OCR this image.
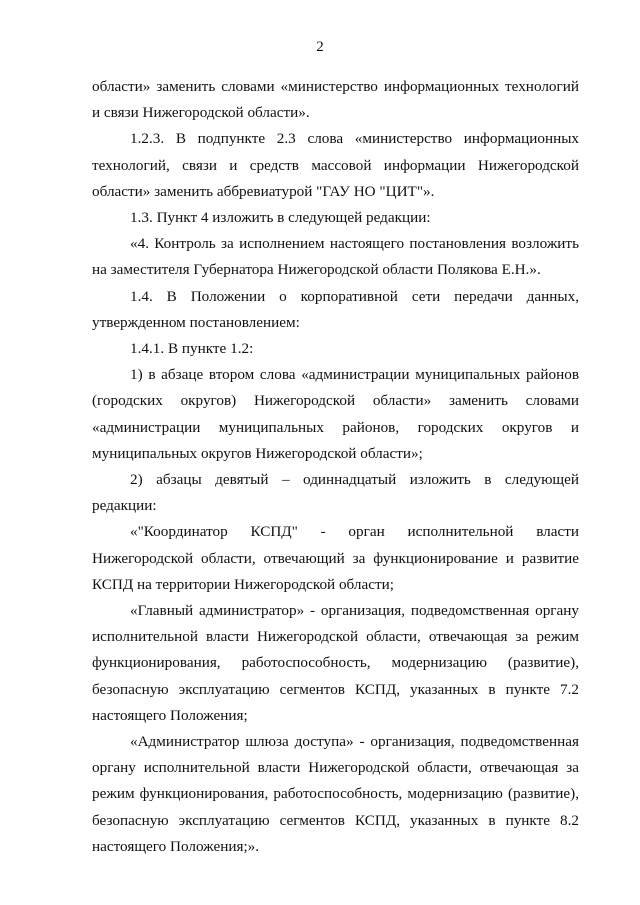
2

области» заменить словами «министерство информационных технологий и связи Нижегородской области».

1.2.3. В подпункте 2.3 слова «министерство информационных технологий, связи и средств массовой информации Нижегородской области» заменить аббревиатурой "ГАУ НО "ЦИТ"».

1.3. Пункт 4 изложить в следующей редакции:

«4. Контроль за исполнением настоящего постановления возложить на заместителя Губернатора Нижегородской области Полякова Е.Н.».

1.4. В Положении о корпоративной сети передачи данных, утвержденном постановлением:

1.4.1. В пункте 1.2:

1) в абзаце втором слова «администрации муниципальных районов (городских округов) Нижегородской области» заменить словами «администрации муниципальных районов, городских округов и муниципальных округов Нижегородской области»;

2) абзацы девятый – одиннадцатый изложить в следующей редакции:

«"Координатор КСПД" - орган исполнительной власти Нижегородской области, отвечающий за функционирование и развитие КСПД на территории Нижегородской области;

«Главный администратор» - организация, подведомственная органу исполнительной власти Нижегородской области, отвечающая за режим функционирования, работоспособность, модернизацию (развитие), безопасную эксплуатацию сегментов КСПД, указанных в пункте 7.2 настоящего Положения;

«Администратор шлюза доступа» - организация, подведомственная органу исполнительной власти Нижегородской области, отвечающая за режим функционирования, работоспособность, модернизацию (развитие), безопасную эксплуатацию сегментов КСПД, указанных в пункте 8.2 настоящего Положения;».
